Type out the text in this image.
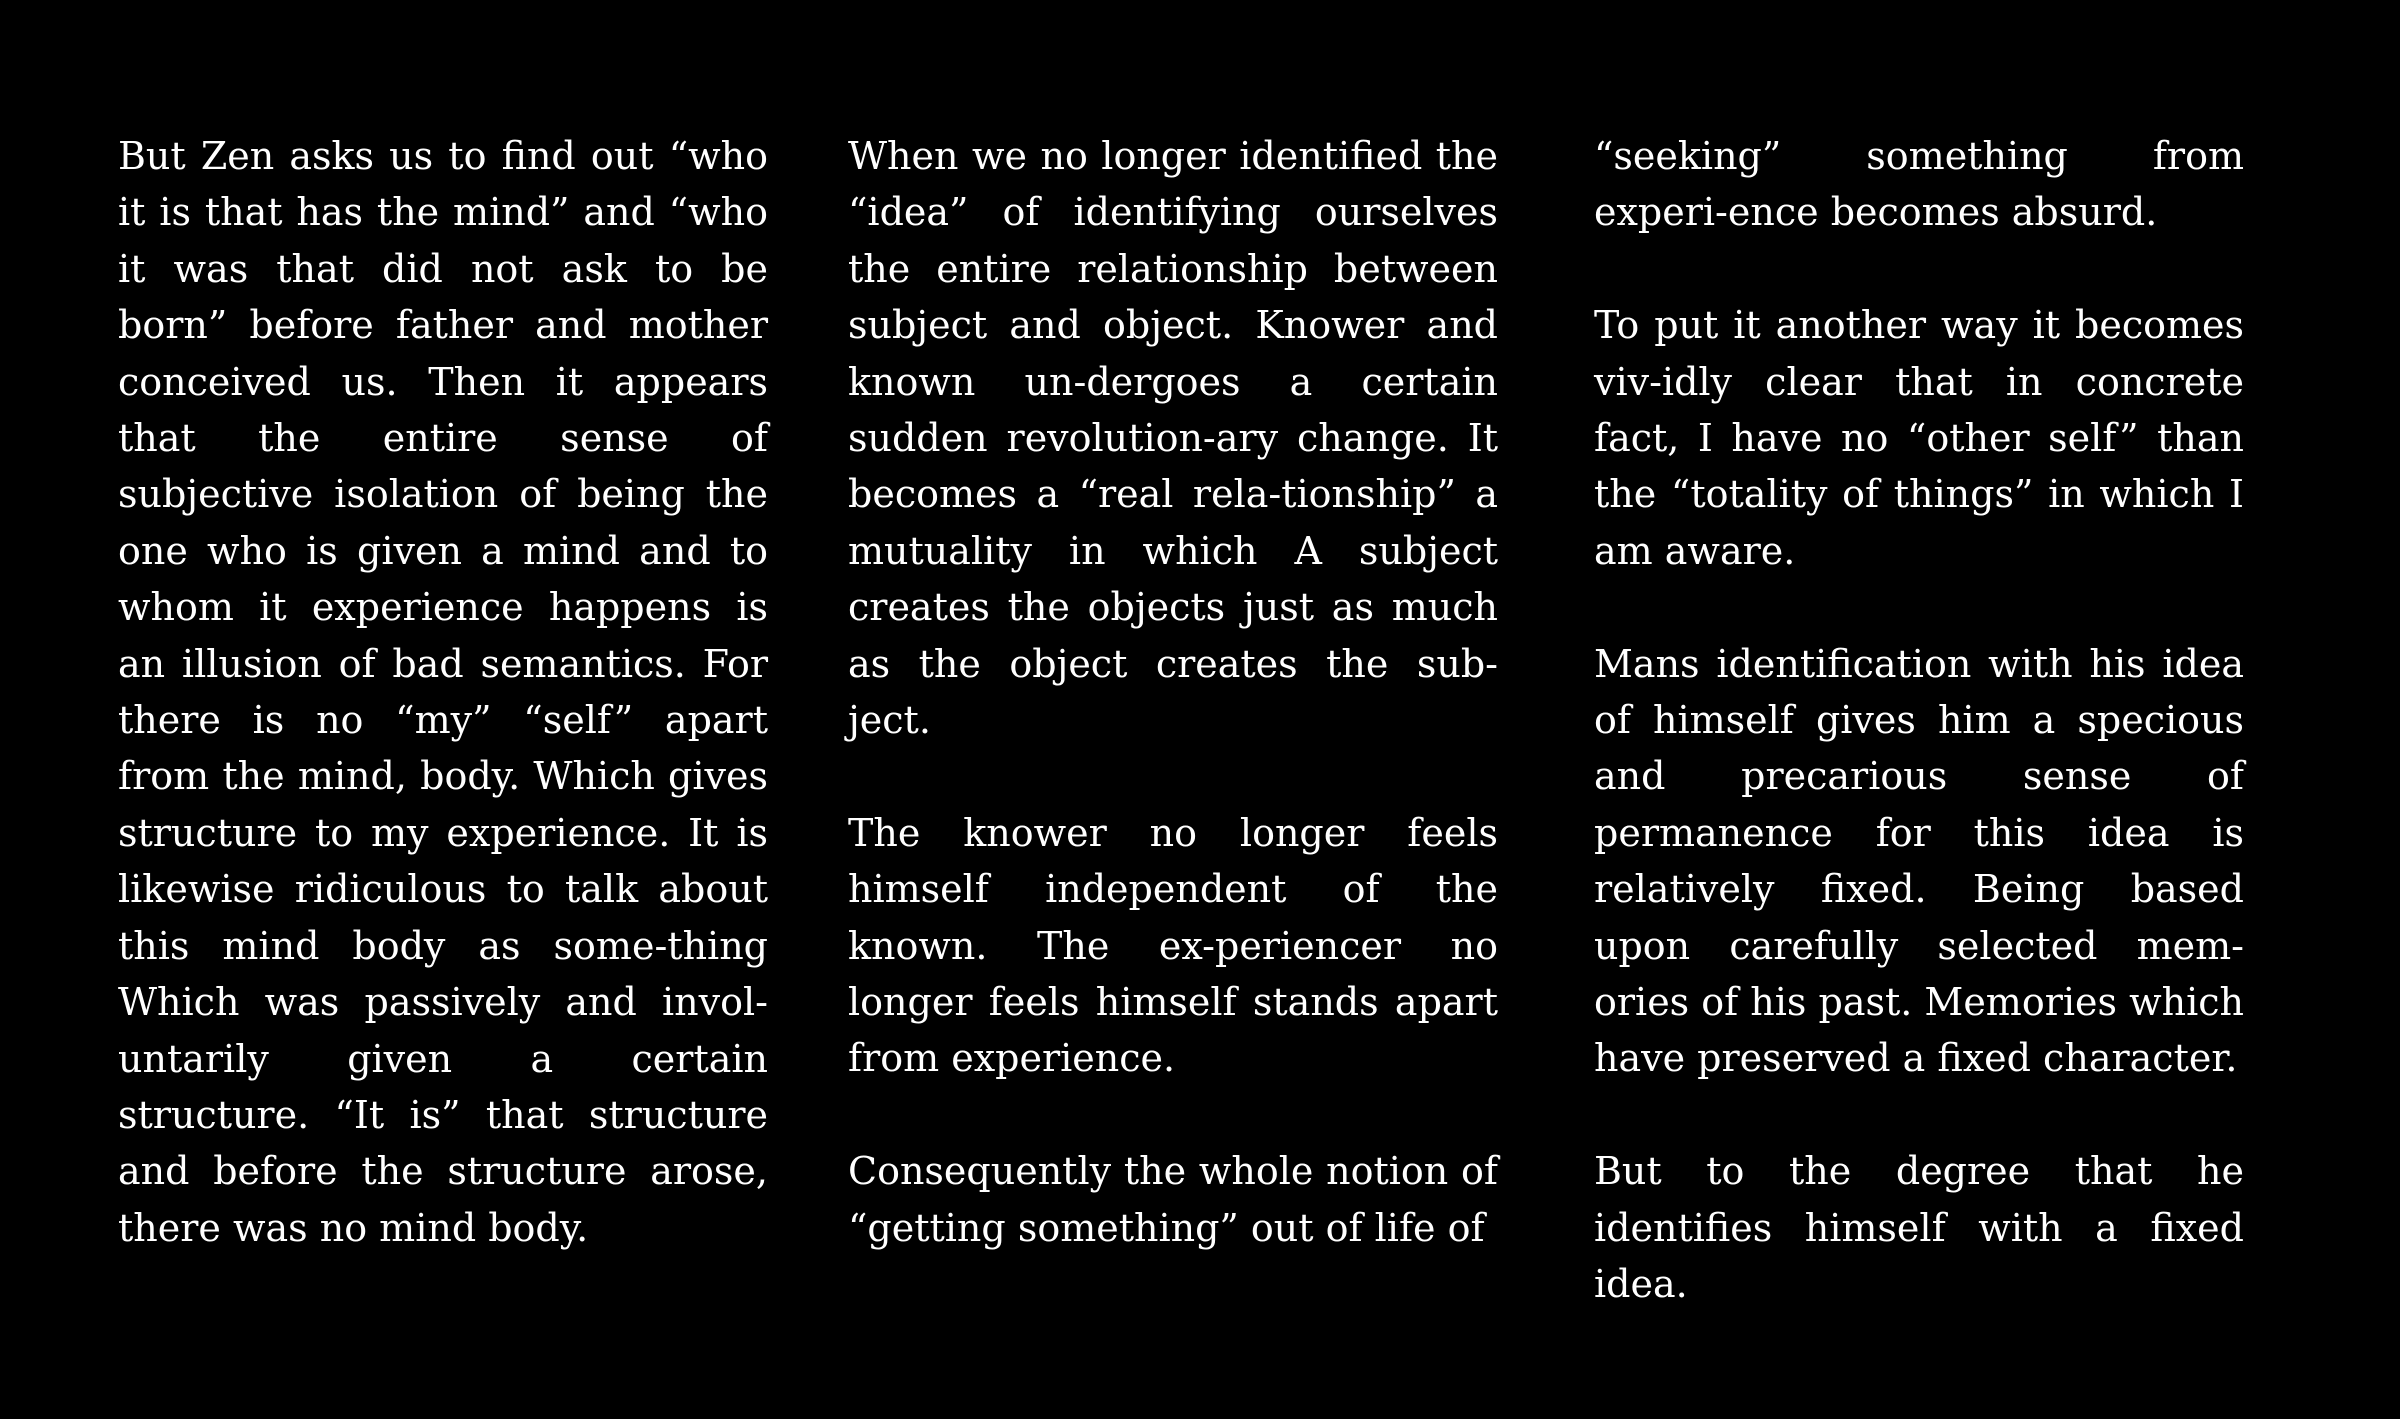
But Zen asks us to find out “who it is that has the mind” and “who it was that did not ask to be born” before father and mother conceived us. Then it appears that the entire sense of subjective isolation of being the one who is given a mind and to whom it experience happens is an illusion of bad semantics. For there is no “my” “self” apart from the mind, body. Which gives structure to my experience. It is likewise ridiculous to talk about this mind body as some-thing Which was passively and invol-untarily given a certain structure. “It is” that structure and before the structure arose, there was no mind body.

When we no longer identified the “idea” of identifying ourselves the entire relationship between subject and object. Knower and known un-dergoes a certain sudden revolution-ary change. It becomes a “real rela-tionship” a mutuality in which A subject creates the objects just as much as the object creates the sub-ject.

The knower no longer feels himself independent of the known. The ex-periencer no longer feels himself stands apart from experience.

Consequently the whole notion of “getting something” out of life of

“seeking” something from experi-ence becomes absurd.

To put it another way it becomes viv-idly clear that in concrete fact, I have no “other self” than the “totality of things” in which I am aware.

Mans identification with his idea of himself gives him a specious and precarious sense of permanence for this idea is relatively fixed. Being based upon carefully selected mem-ories of his past. Memories which have preserved a fixed character.

But to the degree that he identifies himself with a fixed idea.
